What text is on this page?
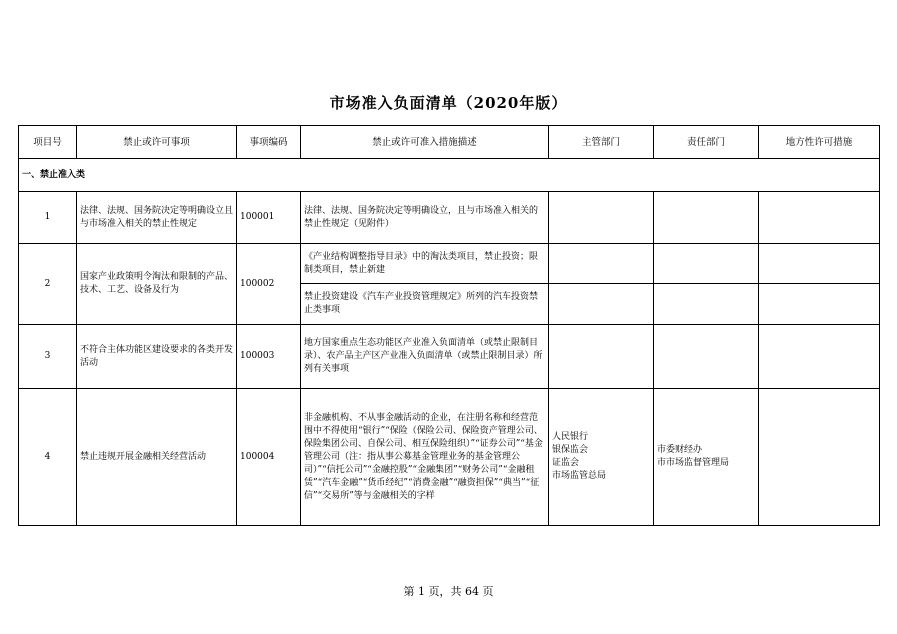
市场准入负面清单（2020年版）
项目号	禁止或许可事项	事项编码	禁止或许可准入措施描述	主管部门	责任部门	地方性许可措施
一、禁止准入类						
1	法律、法规、国务院决定等明确设立且与市场准入相关的禁止性规定	100001	法律、法规、国务院决定等明确设立，且与市场准入相关的禁止性规定（见附件）			
2	国家产业政策明令淘汰和限制的产品、技术、工艺、设备及行为	100002	《产业结构调整指导目录》中的淘汰类项目，禁止投资；限制类项目，禁止新建			
			禁止投资建设《汽车产业投资管理规定》所列的汽车投资禁止类事项			
3	不符合主体功能区建设要求的各类开发活动	100003	地方国家重点生态功能区产业准入负面清单（或禁止限制目录）、农产品主产区产业准入负面清单（或禁止限制目录）所列有关事项			
4	禁止违规开展金融相关经营活动	100004	非金融机构、不从事金融活动的企业，在注册名称和经营范围中不得使用“银行”“保险（保险公司、保险资产管理公司、保险集团公司、自保公司、相互保险组织）”“证券公司”“基金管理公司（注：指从事公募基金管理业务的基金管理公司）”“信托公司”“金融控股”“金融集团”“财务公司”“金融租赁”“汽车金融”“货币经纪”“消费金融”“融资担保”“典当”“征信”“交易所”等与金融相关的字样	人民银行
银保监会
证监会
市场监管总局	市委财经办
市市场监督管理局	
第 1 页，共 64 页
